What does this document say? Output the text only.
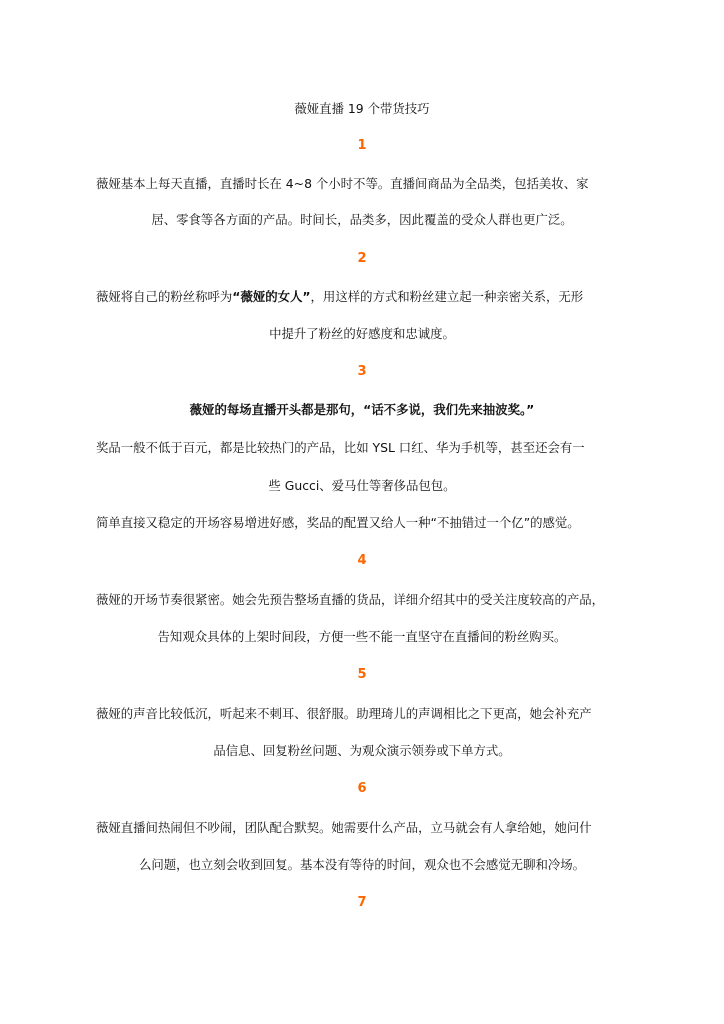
薇娅直播 19 个带货技巧
1
薇娅基本上每天直播，直播时长在 4~8 个小时不等。直播间商品为全品类，包括美妆、家
居、零食等各方面的产品。时间长，品类多，因此覆盖的受众人群也更广泛。
2
薇娅将自己的粉丝称呼为“薇娅的女人”，用这样的方式和粉丝建立起一种亲密关系，无形
中提升了粉丝的好感度和忠诚度。
3
薇娅的每场直播开头都是那句，“话不多说，我们先来抽波奖。”
奖品一般不低于百元，都是比较热门的产品，比如 YSL 口红、华为手机等，甚至还会有一
些 Gucci、爱马仕等奢侈品包包。
简单直接又稳定的开场容易增进好感，奖品的配置又给人一种“不抽错过一个亿”的感觉。
4
薇娅的开场节奏很紧密。她会先预告整场直播的货品，详细介绍其中的受关注度较高的产品，
告知观众具体的上架时间段，方便一些不能一直坚守在直播间的粉丝购买。
5
薇娅的声音比较低沉，听起来不刺耳、很舒服。助理琦儿的声调相比之下更高，她会补充产
品信息、回复粉丝问题、为观众演示领券或下单方式。
6
薇娅直播间热闹但不吵闹，团队配合默契。她需要什么产品，立马就会有人拿给她，她问什
么问题，也立刻会收到回复。基本没有等待的时间，观众也不会感觉无聊和冷场。
7
